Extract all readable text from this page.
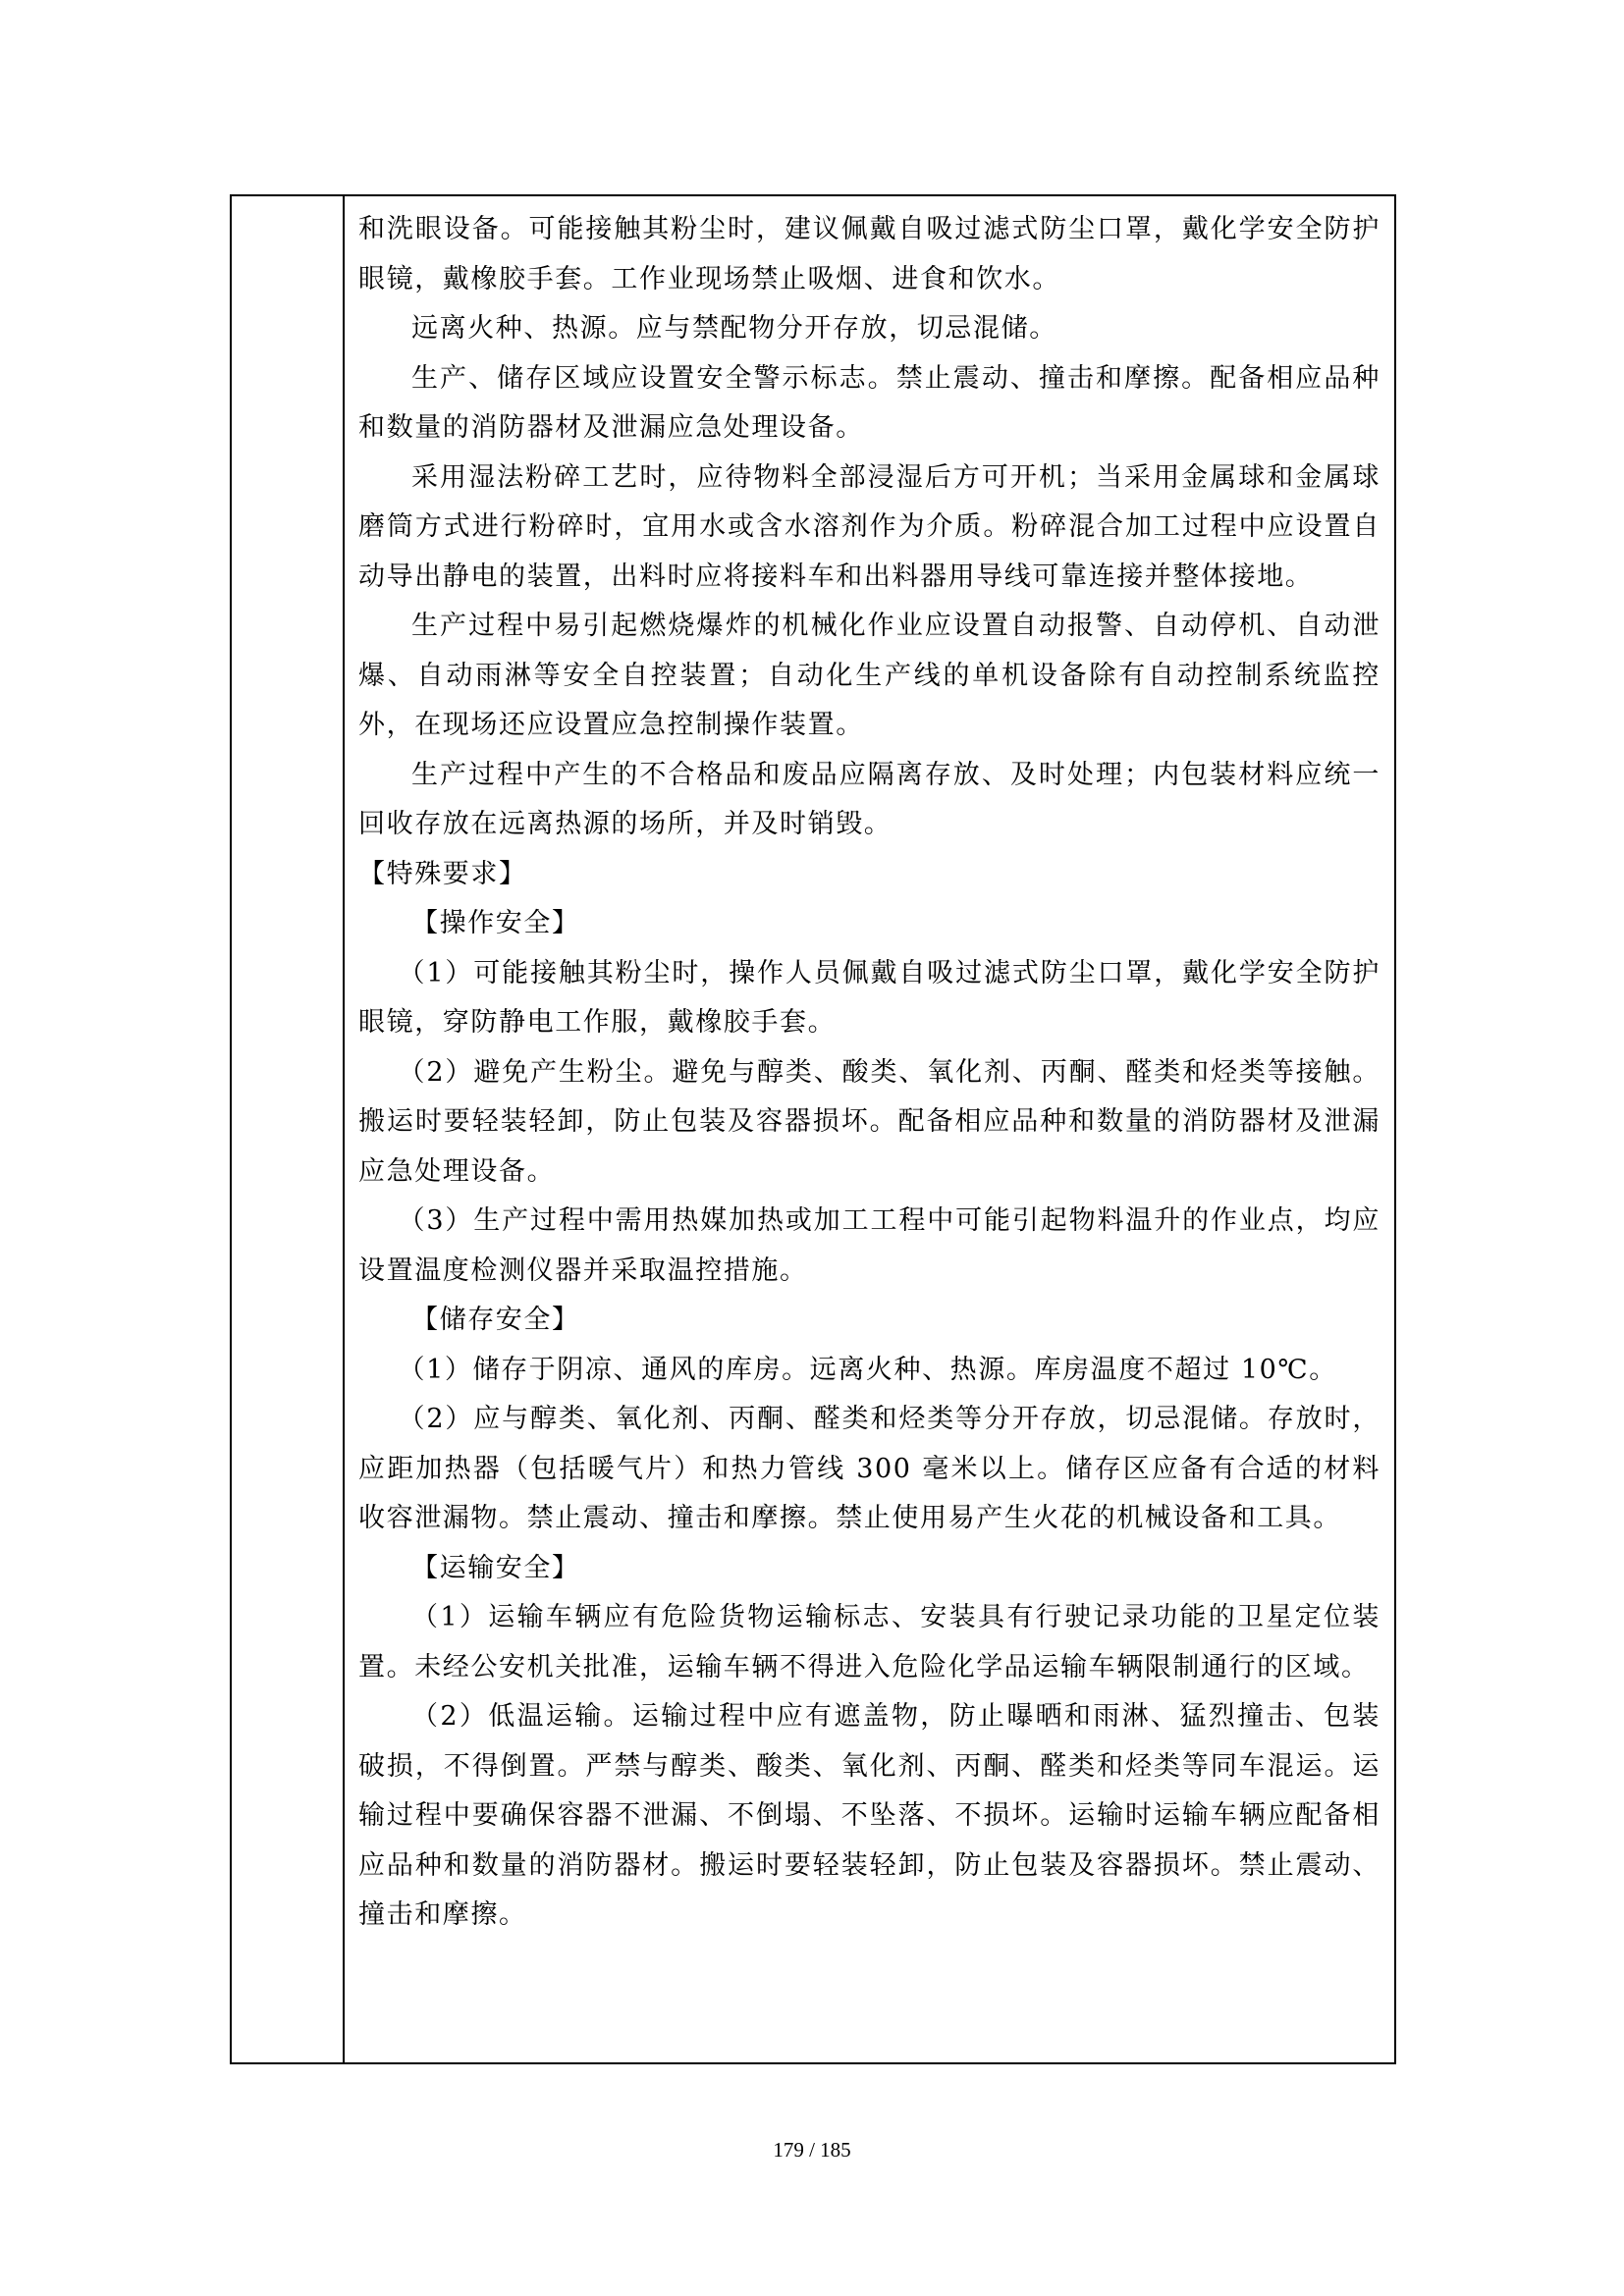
和洗眼设备。可能接触其粉尘时，建议佩戴自吸过滤式防尘口罩，戴化学安全防护眼镜，戴橡胶手套。工作业现场禁止吸烟、进食和饮水。

远离火种、热源。应与禁配物分开存放，切忌混储。

生产、储存区域应设置安全警示标志。禁止震动、撞击和摩擦。配备相应品种和数量的消防器材及泄漏应急处理设备。

采用湿法粉碎工艺时，应待物料全部浸湿后方可开机；当采用金属球和金属球磨筒方式进行粉碎时，宜用水或含水溶剂作为介质。粉碎混合加工过程中应设置自动导出静电的装置，出料时应将接料车和出料器用导线可靠连接并整体接地。

生产过程中易引起燃烧爆炸的机械化作业应设置自动报警、自动停机、自动泄爆、自动雨淋等安全自控装置；自动化生产线的单机设备除有自动控制系统监控外，在现场还应设置应急控制操作装置。

生产过程中产生的不合格品和废品应隔离存放、及时处理；内包装材料应统一回收存放在远离热源的场所，并及时销毁。

【特殊要求】

【操作安全】

（1）可能接触其粉尘时，操作人员佩戴自吸过滤式防尘口罩，戴化学安全防护眼镜，穿防静电工作服，戴橡胶手套。

（2）避免产生粉尘。避免与醇类、酸类、氧化剂、丙酮、醛类和烃类等接触。搬运时要轻装轻卸，防止包装及容器损坏。配备相应品种和数量的消防器材及泄漏应急处理设备。

（3）生产过程中需用热媒加热或加工工程中可能引起物料温升的作业点，均应设置温度检测仪器并采取温控措施。

【储存安全】

（1）储存于阴凉、通风的库房。远离火种、热源。库房温度不超过 10℃。

（2）应与醇类、氧化剂、丙酮、醛类和烃类等分开存放，切忌混储。存放时，应距加热器（包括暖气片）和热力管线 300 毫米以上。储存区应备有合适的材料收容泄漏物。禁止震动、撞击和摩擦。禁止使用易产生火花的机械设备和工具。

【运输安全】

（1）运输车辆应有危险货物运输标志、安装具有行驶记录功能的卫星定位装置。未经公安机关批准，运输车辆不得进入危险化学品运输车辆限制通行的区域。

（2）低温运输。运输过程中应有遮盖物，防止曝晒和雨淋、猛烈撞击、包装破损，不得倒置。严禁与醇类、酸类、氧化剂、丙酮、醛类和烃类等同车混运。运输过程中要确保容器不泄漏、不倒塌、不坠落、不损坏。运输时运输车辆应配备相应品种和数量的消防器材。搬运时要轻装轻卸，防止包装及容器损坏。禁止震动、撞击和摩擦。

179 / 185
